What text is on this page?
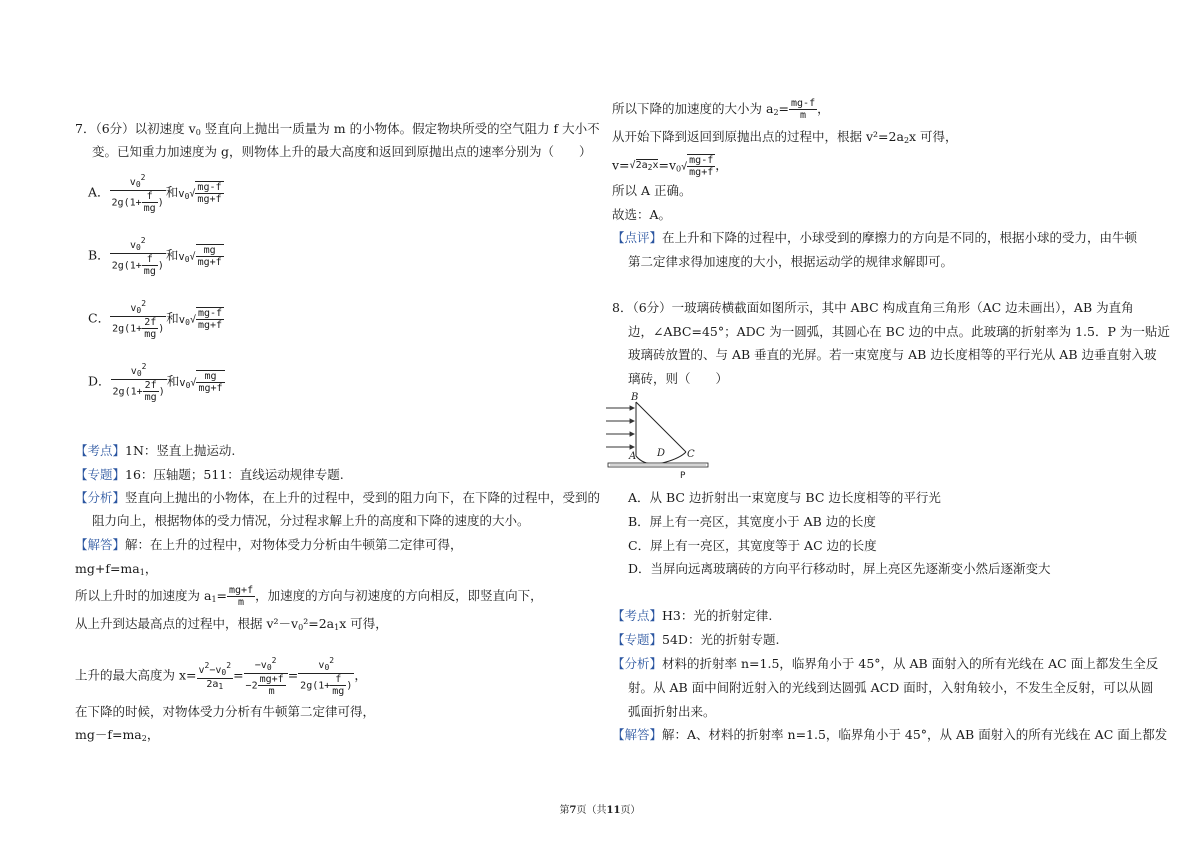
7．（6分）以初速度 $v_0$ 竖直向上抛出一质量为 m 的小物体。假定物块所受的空气阻力 f 大小不
变。已知重力加速度为 g，则物体上升的最大高度和返回到原抛出点的速率分别为（　　）
A． $\frac{v_0^2}{2g(1+ \frac{f}{mg} )}$ 和$v_0√ \frac{mg-f}{mg+f}$
B． $\frac{v_0^2}{2g(1+ \frac{f}{mg} )}$ 和$v_0√ \frac{mg}{mg+f}$
C． $\frac{v_0^2}{2g(1+ \frac{2f}{mg} )}$ 和$v_0√ \frac{mg-f}{mg+f}$
D． $\frac{v_0^2}{2g(1+ \frac{2f}{mg} )}$ 和$v_0√ \frac{mg}{mg+f}$
【考点】1N：竖直上抛运动.
【专题】16：压轴题；511：直线运动规律专题.
【分析】竖直向上抛出的小物体，在上升的过程中，受到的阻力向下，在下降的过程中，受到的
阻力向上，根据物体的受力情况，分过程求解上升的高度和下降的速度的大小。
【解答】解：在上升的过程中，对物体受力分析由牛顿第二定律可得，
$mg+f=ma_1$，
所以上升时的加速度为 $a_1= \frac{mg+f}{m}$ ，加速度的方向与初速度的方向相反，即竖直向下，
从上升到达最高点的过程中，根据 $v^2-v_0^2=2a_1x$ 可得，
上升的最大高度为 $x= \frac{v^2-v_0^2}{2a_1} = \frac{-v_0^2}{-2 \frac{mg+f}{m}} = \frac{v_0^2}{2g(1+ \frac{f}{mg} )}$ ，
在下降的时候，对物体受力分析有牛顿第二定律可得，
$mg-f=ma_2$，
所以下降的加速度的大小为 $a_2= \frac{mg-f}{m}$ ，
从开始下降到返回到原抛出点的过程中，根据 $v^2=2a_2x$ 可得，
$v=√2a_2x=v_0√ \frac{mg-f}{mg+f}$ ，
所以 A 正确。
故选：A。
【点评】在上升和下降的过程中，小球受到的摩擦力的方向是不同的，根据小球的受力，由牛顿
第二定律求得加速度的大小，根据运动学的规律求解即可。
8．（6分）一玻璃砖横截面如图所示，其中 ABC 构成直角三角形（AC 边未画出），AB 为直角
边，∠ABC=45°；ADC 为一圆弧，其圆心在 BC 边的中点。此玻璃的折射率为 1.5．P 为一贴近
玻璃砖放置的、与 AB 垂直的光屏。若一束宽度与 AB 边长度相等的平行光从 AB 边垂直射入玻
璃砖，则（　　）
B
A D C
P
A．从 BC 边折射出一束宽度与 BC 边长度相等的平行光
B．屏上有一亮区，其宽度小于 AB 边的长度
C．屏上有一亮区，其宽度等于 AC 边的长度
D．当屏向远离玻璃砖的方向平行移动时，屏上亮区先逐渐变小然后逐渐变大
【考点】H3：光的折射定律.
【专题】54D：光的折射专题.
【分析】材料的折射率 n=1.5，临界角小于 45°，从 AB 面射入的所有光线在 AC 面上都发生全反
射。从 AB 面中间附近射入的光线到达圆弧 ACD 面时，入射角较小，不发生全反射，可以从圆
弧面折射出来。
【解答】解：A、材料的折射率 n=1.5，临界角小于 45°，从 AB 面射入的所有光线在 AC 面上都发
第7页（共11页）
